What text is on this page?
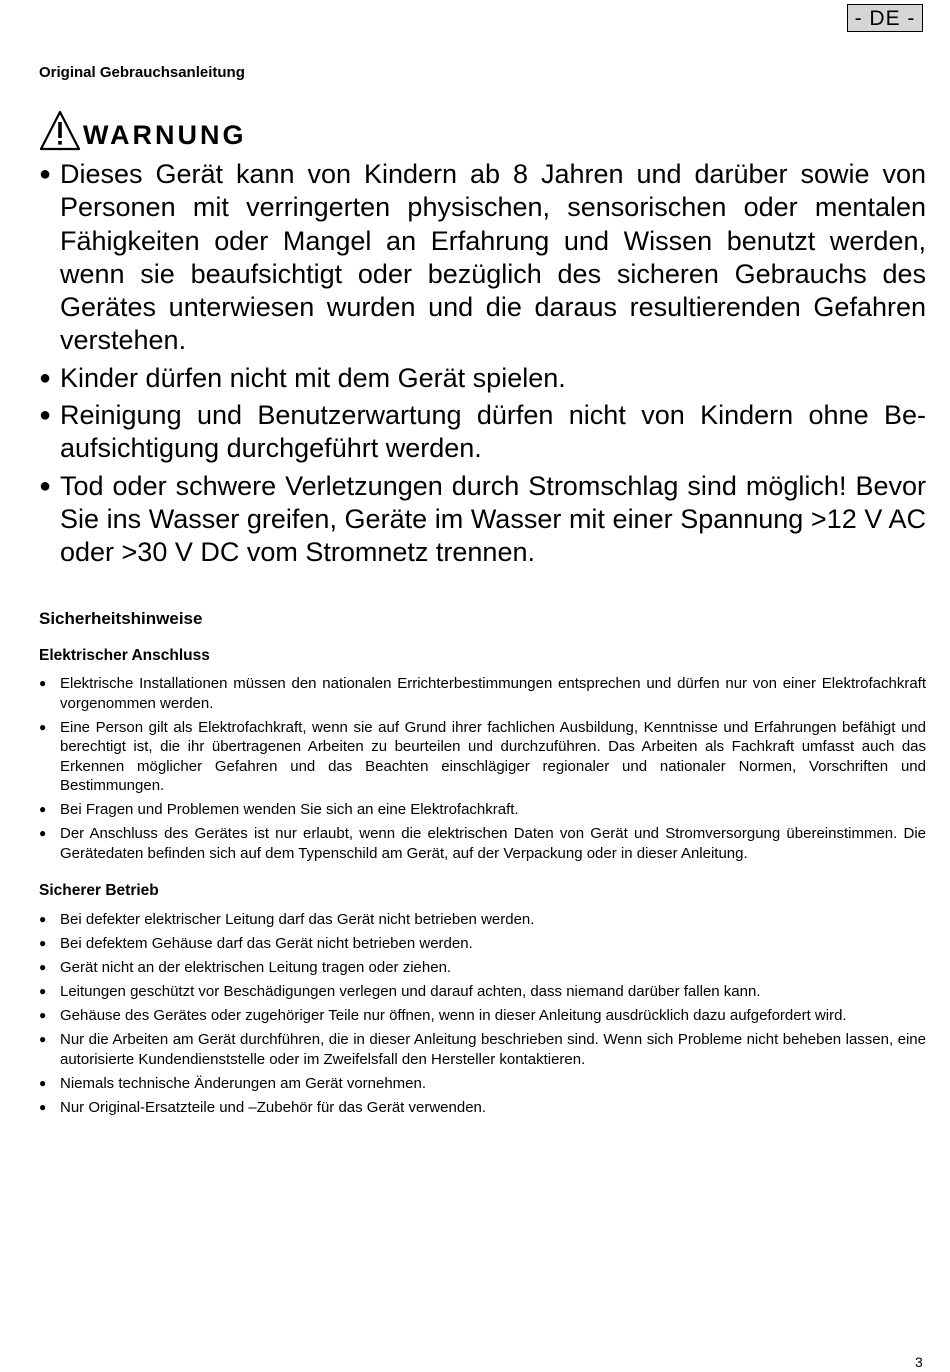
- DE -
Original Gebrauchsanleitung
WARNUNG
● Dieses Gerät kann von Kindern ab 8 Jahren und darüber sowie von Personen mit verringerten physischen, sensorischen oder mentalen Fähigkeiten oder Mangel an Erfahrung und Wissen benutzt werden, wenn sie beaufsichtigt oder bezüglich des sicheren Gebrauchs des Gerätes unterwiesen wurden und die daraus resultierenden Gefahren verstehen.
● Kinder dürfen nicht mit dem Gerät spielen.
● Reinigung und Benutzerwartung dürfen nicht von Kindern ohne Beaufsichtigung durchgeführt werden.
● Tod oder schwere Verletzungen durch Stromschlag sind möglich! Bevor Sie ins Wasser greifen, Geräte im Wasser mit einer Spannung >12 V AC oder >30 V DC vom Stromnetz trennen.
Sicherheitshinweise
Elektrischer Anschluss
● Elektrische Installationen müssen den nationalen Errichterbestimmungen entsprechen und dürfen nur von einer Elektrofachkraft vorgenommen werden.
● Eine Person gilt als Elektrofachkraft, wenn sie auf Grund ihrer fachlichen Ausbildung, Kenntnisse und Erfahrungen befähigt und berechtigt ist, die ihr übertragenen Arbeiten zu beurteilen und durchzuführen. Das Arbeiten als Fachkraft umfasst auch das Erkennen möglicher Gefahren und das Beachten einschlägiger regionaler und nationaler Normen, Vorschriften und Bestimmungen.
● Bei Fragen und Problemen wenden Sie sich an eine Elektrofachkraft.
● Der Anschluss des Gerätes ist nur erlaubt, wenn die elektrischen Daten von Gerät und Stromversorgung übereinstimmen. Die Gerätedaten befinden sich auf dem Typenschild am Gerät, auf der Verpackung oder in dieser Anleitung.
Sicherer Betrieb
● Bei defekter elektrischer Leitung darf das Gerät nicht betrieben werden.
● Bei defektem Gehäuse darf das Gerät nicht betrieben werden.
● Gerät nicht an der elektrischen Leitung tragen oder ziehen.
● Leitungen geschützt vor Beschädigungen verlegen und darauf achten, dass niemand darüber fallen kann.
● Gehäuse des Gerätes oder zugehöriger Teile nur öffnen, wenn in dieser Anleitung ausdrücklich dazu aufgefordert wird.
● Nur die Arbeiten am Gerät durchführen, die in dieser Anleitung beschrieben sind. Wenn sich Probleme nicht beheben lassen, eine autorisierte Kundendienststelle oder im Zweifelsfall den Hersteller kontaktieren.
● Niemals technische Änderungen am Gerät vornehmen.
● Nur Original-Ersatzteile und –Zubehör für das Gerät verwenden.
3
